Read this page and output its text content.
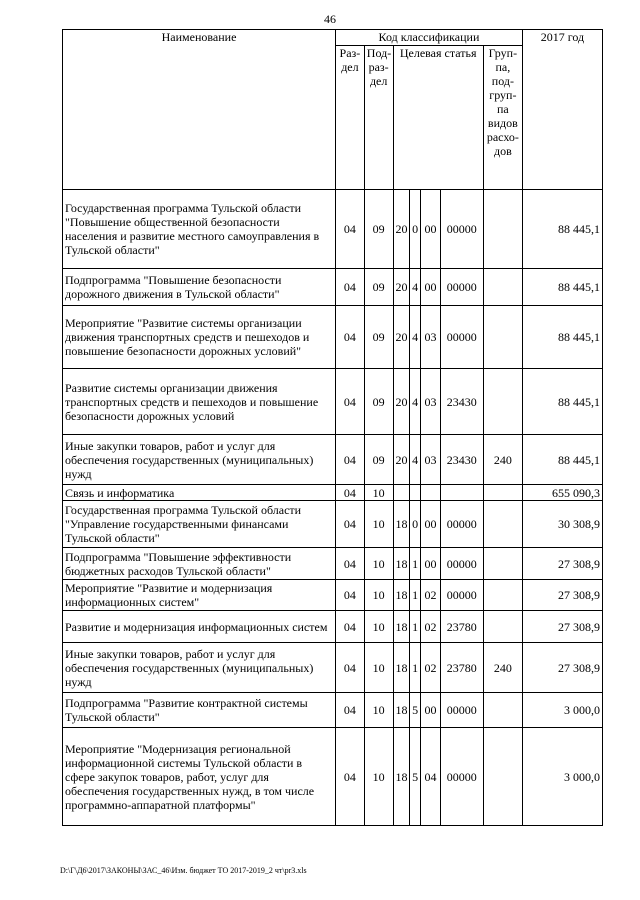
46
Наименование	Код классификации							2017 год
	Раз- дел	Под- раз- дел	Целевая статья				Груп- па, под- груп- па видов расхо- дов	
Государственная программа Тульской области "Повышение общественной безопасности населения и развитие местного самоуправления в Тульской области"	04	09	20	0	00	00000		88 445,1
Подпрограмма "Повышение безопасности дорожного движения в Тульской области"	04	09	20	4	00	00000		88 445,1
Мероприятие "Развитие системы организации движения транспортных средств и пешеходов и повышение безопасности дорожных условий"	04	09	20	4	03	00000		88 445,1
Развитие системы организации движения транспортных средств и пешеходов и повышение безопасности дорожных условий	04	09	20	4	03	23430		88 445,1
Иные закупки товаров, работ и услуг для обеспечения государственных (муниципальных) нужд	04	09	20	4	03	23430	240	88 445,1
Связь и информатика	04	10						655 090,3
Государственная программа Тульской области "Управление государственными финансами Тульской области"	04	10	18	0	00	00000		30 308,9
Подпрограмма "Повышение эффективности бюджетных расходов Тульской области"	04	10	18	1	00	00000		27 308,9
Мероприятие "Развитие и модернизация информационных систем"	04	10	18	1	02	00000		27 308,9
Развитие и модернизация информационных систем	04	10	18	1	02	23780		27 308,9
Иные закупки товаров, работ и услуг для обеспечения государственных (муниципальных) нужд	04	10	18	1	02	23780	240	27 308,9
Подпрограмма "Развитие контрактной системы Тульской области"	04	10	18	5	00	00000		3 000,0
Мероприятие "Модернизация региональной информационной системы Тульской области в сфере закупок товаров, работ, услуг для обеспечения государственных нужд, в том числе программно-аппаратной платформы"	04	10	18	5	04	00000		3 000,0
D:\Г\Д6\2017\ЗАКОНЫ\ЗАС_46\Изм. бюджет ТО 2017-2019_2 чт\pr3.xls
